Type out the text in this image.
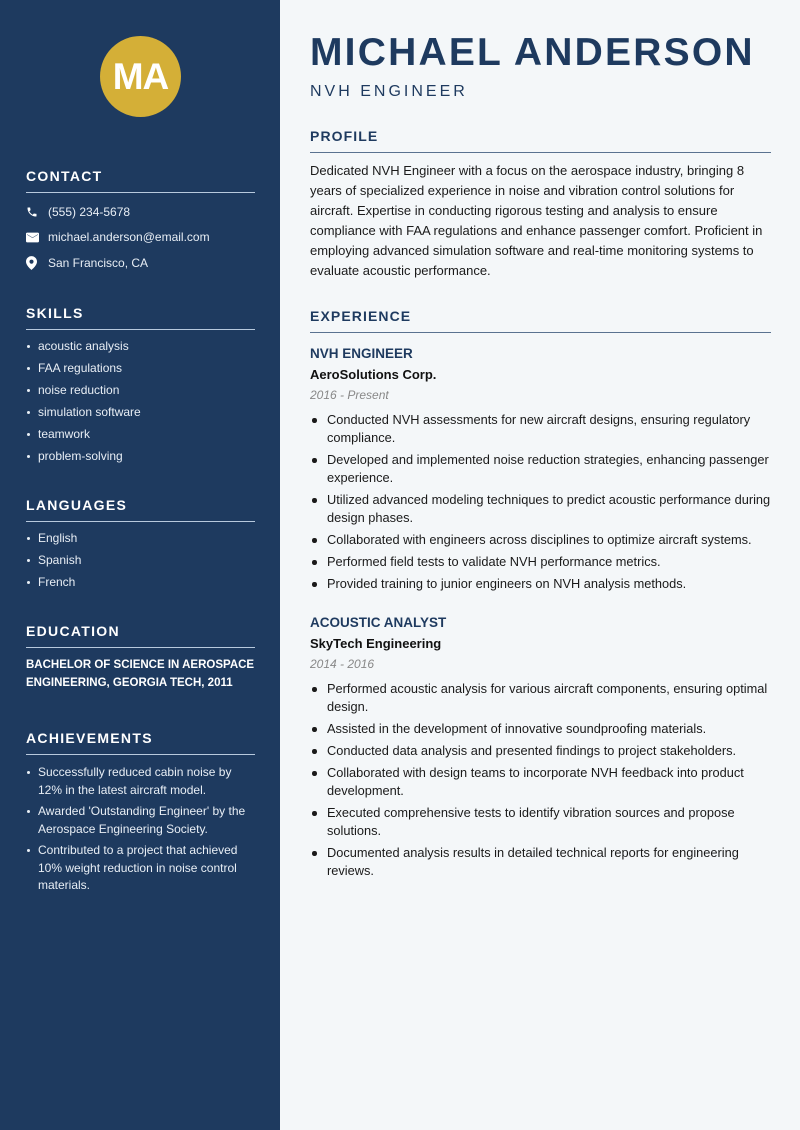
MA
CONTACT
(555) 234-5678
michael.anderson@email.com
San Francisco, CA
SKILLS
acoustic analysis
FAA regulations
noise reduction
simulation software
teamwork
problem-solving
LANGUAGES
English
Spanish
French
EDUCATION
BACHELOR OF SCIENCE IN AEROSPACE ENGINEERING, GEORGIA TECH, 2011
ACHIEVEMENTS
Successfully reduced cabin noise by 12% in the latest aircraft model.
Awarded 'Outstanding Engineer' by the Aerospace Engineering Society.
Contributed to a project that achieved 10% weight reduction in noise control materials.
MICHAEL ANDERSON
NVH ENGINEER
PROFILE

Dedicated NVH Engineer with a focus on the aerospace industry, bringing 8 years of specialized experience in noise and vibration control solutions for aircraft. Expertise in conducting rigorous testing and analysis to ensure compliance with FAA regulations and enhance passenger comfort. Proficient in employing advanced simulation software and real-time monitoring systems to evaluate acoustic performance.

EXPERIENCE
NVH ENGINEER
AeroSolutions Corp.
2016 - Present
Conducted NVH assessments for new aircraft designs, ensuring regulatory compliance.
Developed and implemented noise reduction strategies, enhancing passenger experience.
Utilized advanced modeling techniques to predict acoustic performance during design phases.
Collaborated with engineers across disciplines to optimize aircraft systems.
Performed field tests to validate NVH performance metrics.
Provided training to junior engineers on NVH analysis methods.
ACOUSTIC ANALYST
SkyTech Engineering
2014 - 2016
Performed acoustic analysis for various aircraft components, ensuring optimal design.
Assisted in the development of innovative soundproofing materials.
Conducted data analysis and presented findings to project stakeholders.
Collaborated with design teams to incorporate NVH feedback into product development.
Executed comprehensive tests to identify vibration sources and propose solutions.
Documented analysis results in detailed technical reports for engineering reviews.
